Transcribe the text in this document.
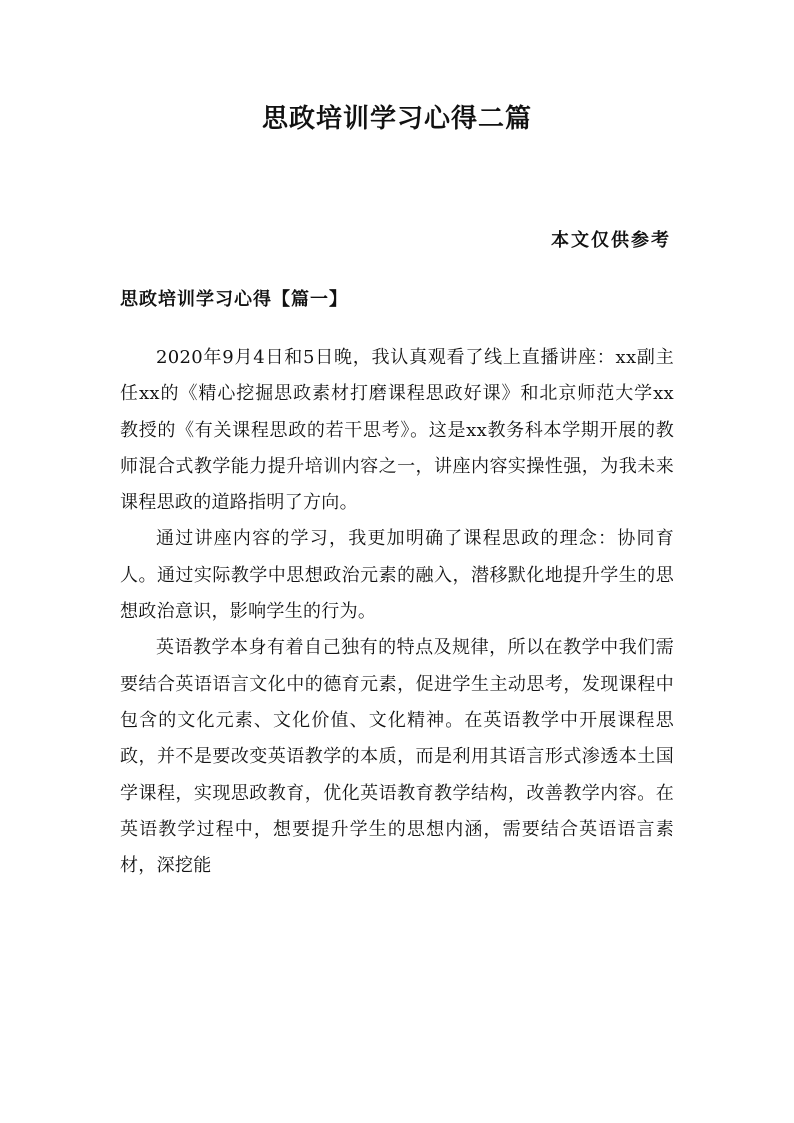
思政培训学习心得二篇

本文仅供参考

思政培训学习心得【篇一】

2020年9月4日和5日晚，我认真观看了线上直播讲座：xx副主任xx的《精心挖掘思政素材打磨课程思政好课》和北京师范大学xx教授的《有关课程思政的若干思考》。这是xx教务科本学期开展的教师混合式教学能力提升培训内容之一，讲座内容实操性强，为我未来课程思政的道路指明了方向。

通过讲座内容的学习，我更加明确了课程思政的理念：协同育人。通过实际教学中思想政治元素的融入，潜移默化地提升学生的思想政治意识，影响学生的行为。

英语教学本身有着自己独有的特点及规律，所以在教学中我们需要结合英语语言文化中的德育元素，促进学生主动思考，发现课程中包含的文化元素、文化价值、文化精神。在英语教学中开展课程思政，并不是要改变英语教学的本质，而是利用其语言形式渗透本土国学课程，实现思政教育，优化英语教育教学结构，改善教学内容。在英语教学过程中，想要提升学生的思想内涵，需要结合英语语言素材，深挖能
